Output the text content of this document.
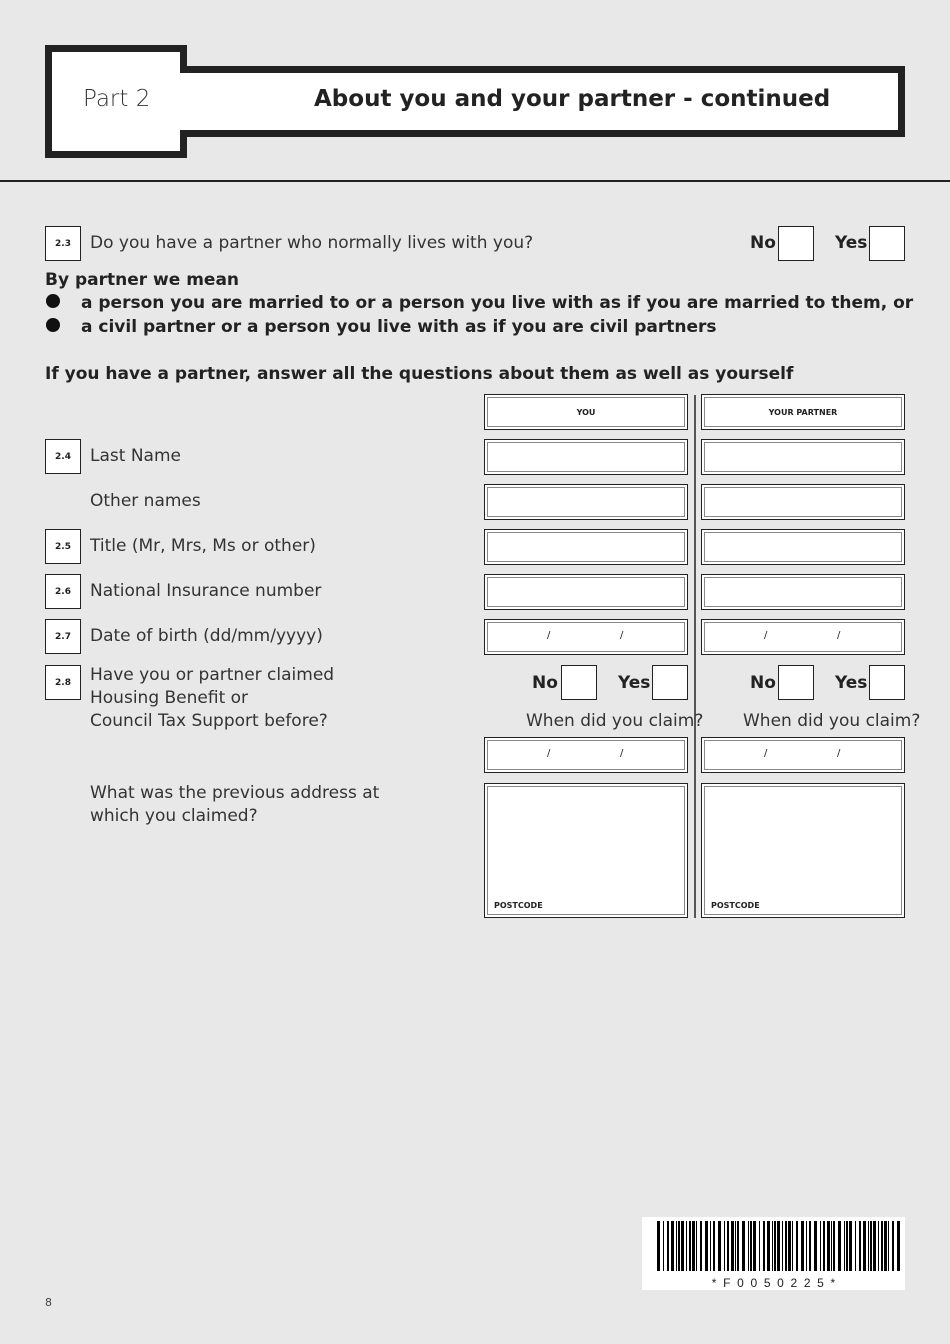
Part 2	About you and your partner - continued
2.3	Do you have a partner who normally lives with you?	No	Yes
By partner we mean
a person you are married to or a person you live with as if you are married to them, or
a civil partner or a person you live with as if you are civil partners
If you have a partner, answer all the questions about them as well as yourself
YOU	YOUR PARTNER
2.4	Last Name
Other names
2.5	Title (Mr, Mrs, Ms or other)
2.6	National Insurance number
2.7	Date of birth (dd/mm/yyyy)	/	/	/	/
2.8	Have you or partner claimed
Housing Benefit or
Council Tax Support before?
No	Yes	No	Yes
When did you claim? When did you claim?
/	/	/	/
What was the previous address at
which you claimed?
POSTCODE	POSTCODE
*  F  0  0  5  0  2  2  5  *
8
